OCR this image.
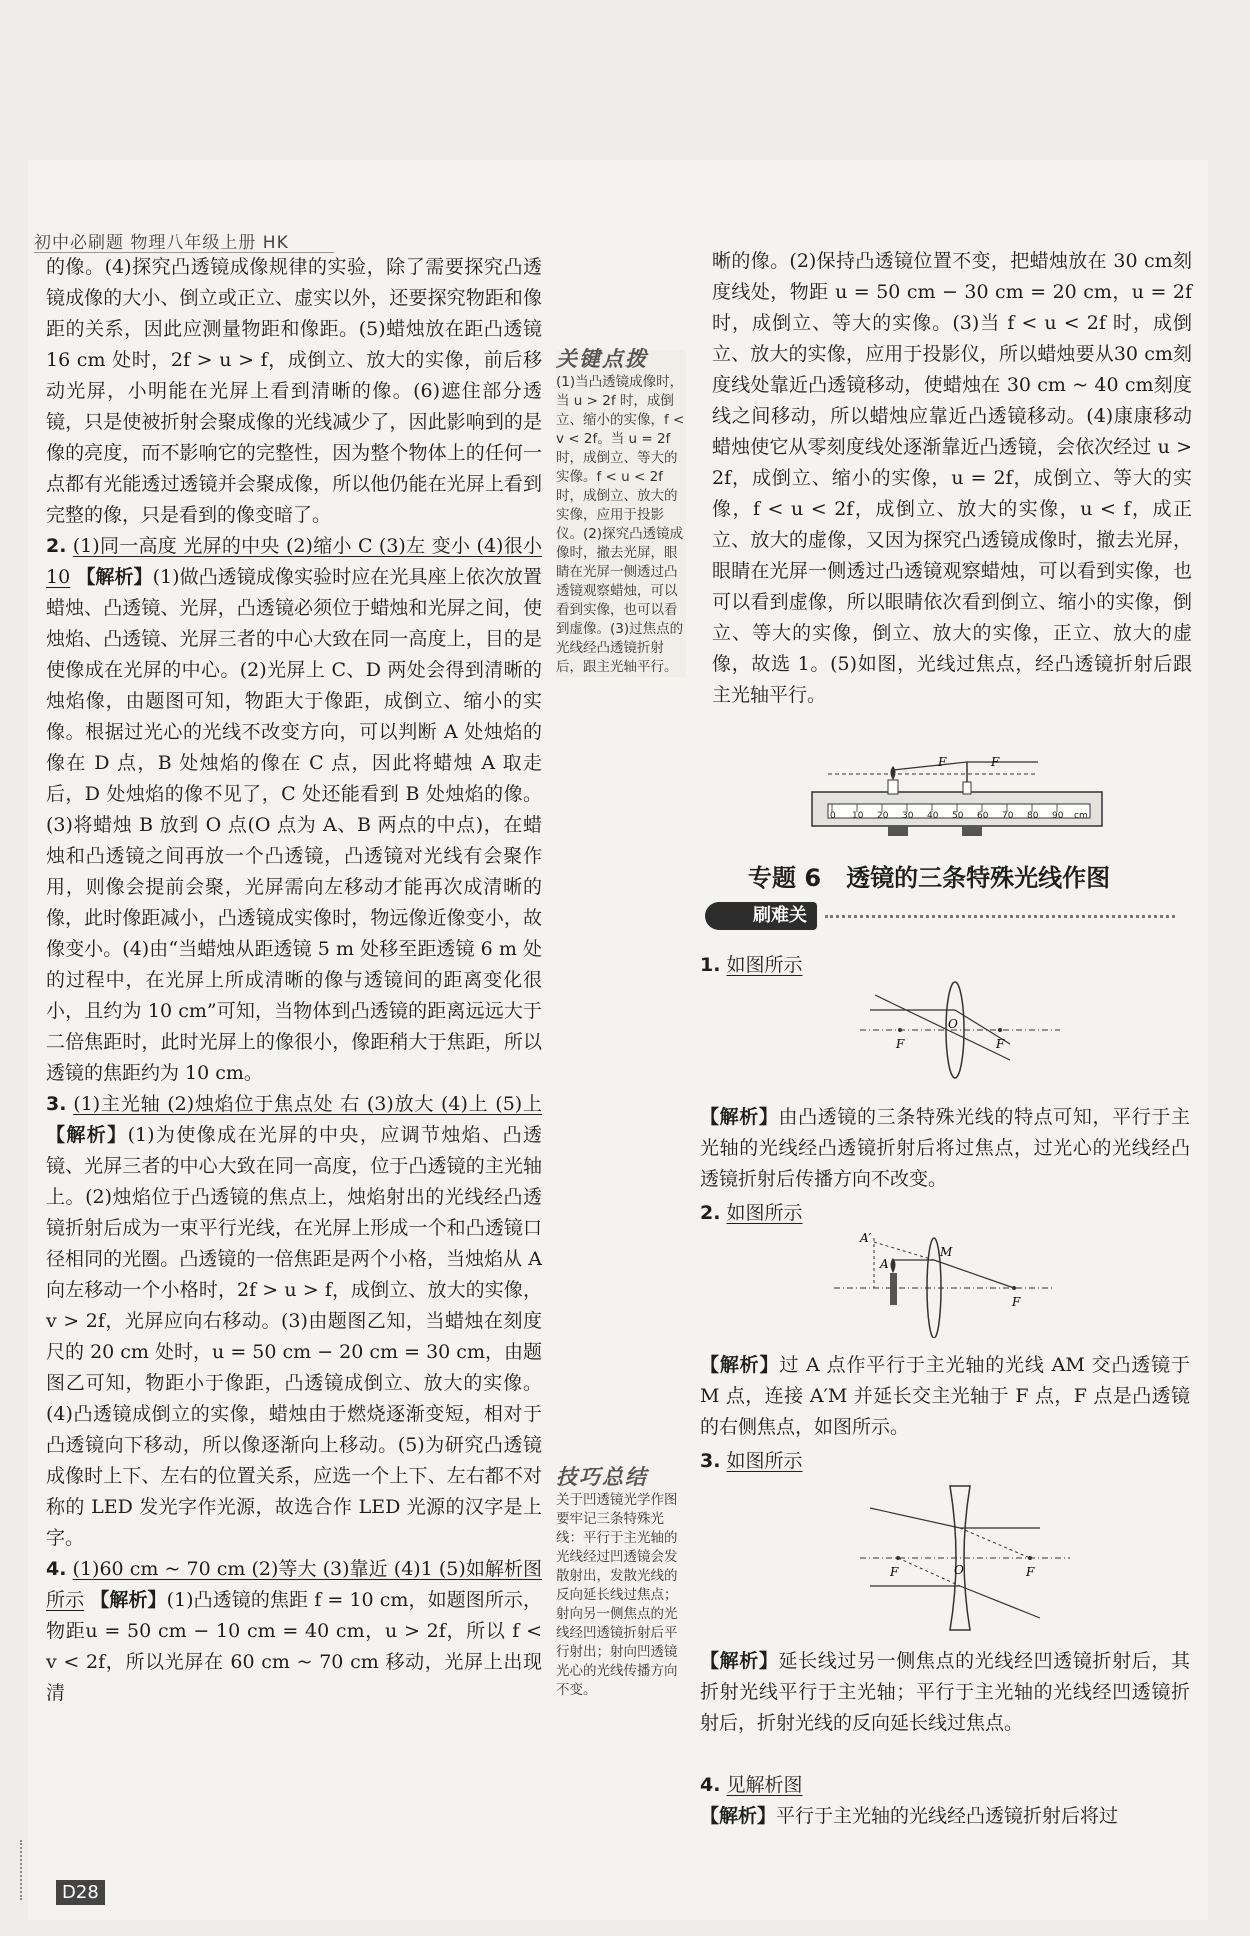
初中必刷题 物理八年级上册 HK

的像。(4)探究凸透镜成像规律的实验，除了需要探究凸透镜成像的大小、倒立或正立、虚实以外，还要探究物距和像距的关系，因此应测量物距和像距。(5)蜡烛放在距凸透镜 16 cm 处时，2f > u > f，成倒立、放大的实像，前后移动光屏，小明能在光屏上看到清晰的像。(6)遮住部分透镜，只是使被折射会聚成像的光线减少了，因此影响到的是像的亮度，而不影响它的完整性，因为整个物体上的任何一点都有光能透过透镜并会聚成像，所以他仍能在光屏上看到完整的像，只是看到的像变暗了。

2. (1)同一高度 光屏的中央 (2)缩小 C (3)左 变小 (4)很小 10 【解析】(1)做凸透镜成像实验时应在光具座上依次放置蜡烛、凸透镜、光屏，凸透镜必须位于蜡烛和光屏之间，使烛焰、凸透镜、光屏三者的中心大致在同一高度上，目的是使像成在光屏的中心。(2)光屏上 C、D 两处会得到清晰的烛焰像，由题图可知，物距大于像距，成倒立、缩小的实像。根据过光心的光线不改变方向，可以判断 A 处烛焰的像在 D 点，B 处烛焰的像在 C 点，因此将蜡烛 A 取走后，D 处烛焰的像不见了，C 处还能看到 B 处烛焰的像。(3)将蜡烛 B 放到 O 点(O 点为 A、B 两点的中点)，在蜡烛和凸透镜之间再放一个凸透镜，凸透镜对光线有会聚作用，则像会提前会聚，光屏需向左移动才能再次成清晰的像，此时像距减小，凸透镜成实像时，物远像近像变小，故像变小。(4)由“当蜡烛从距透镜 5 m 处移至距透镜 6 m 处的过程中，在光屏上所成清晰的像与透镜间的距离变化很小，且约为 10 cm”可知，当物体到凸透镜的距离远远大于二倍焦距时，此时光屏上的像很小，像距稍大于焦距，所以透镜的焦距约为 10 cm。

3. (1)主光轴 (2)烛焰位于焦点处 右 (3)放大 (4)上 (5)上 【解析】(1)为使像成在光屏的中央，应调节烛焰、凸透镜、光屏三者的中心大致在同一高度，位于凸透镜的主光轴上。(2)烛焰位于凸透镜的焦点上，烛焰射出的光线经凸透镜折射后成为一束平行光线，在光屏上形成一个和凸透镜口径相同的光圈。凸透镜的一倍焦距是两个小格，当烛焰从 A 向左移动一个小格时，2f > u > f，成倒立、放大的实像，v > 2f，光屏应向右移动。(3)由题图乙知，当蜡烛在刻度尺的 20 cm 处时，u = 50 cm − 20 cm = 30 cm，由题图乙可知，物距小于像距，凸透镜成倒立、放大的实像。(4)凸透镜成倒立的实像，蜡烛由于燃烧逐渐变短，相对于凸透镜向下移动，所以像逐渐向上移动。(5)为研究凸透镜成像时上下、左右的位置关系，应选一个上下、左右都不对称的 LED 发光字作光源，故选合作 LED 光源的汉字是上字。

4. (1)60 cm ~ 70 cm (2)等大 (3)靠近 (4)1 (5)如解析图所示 【解析】(1)凸透镜的焦距 f = 10 cm，如题图所示，物距u = 50 cm − 10 cm = 40 cm，u > 2f，所以 f < v < 2f，所以光屏在 60 cm ~ 70 cm 移动，光屏上出现清

关键点拨
(1)当凸透镜成像时，当 u > 2f 时，成倒立、缩小的实像，f < v < 2f。当 u = 2f 时，成倒立、等大的实像。f < u < 2f 时，成倒立、放大的实像，应用于投影仪。(2)探究凸透镜成像时，撤去光屏，眼睛在光屏一侧透过凸透镜观察蜡烛，可以看到实像，也可以看到虚像。(3)过焦点的光线经凸透镜折射后，跟主光轴平行。
技巧总结
关于凹透镜光学作图要牢记三条特殊光线：平行于主光轴的光线经过凹透镜会发散射出，发散光线的反向延长线过焦点；射向另一侧焦点的光线经凹透镜折射后平行射出；射向凹透镜光心的光线传播方向不变。

晰的像。(2)保持凸透镜位置不变，把蜡烛放在 30 cm刻度线处，物距 u = 50 cm − 30 cm = 20 cm，u = 2f 时，成倒立、等大的实像。(3)当 f < u < 2f 时，成倒立、放大的实像，应用于投影仪，所以蜡烛要从30 cm刻度线处靠近凸透镜移动，使蜡烛在 30 cm ~ 40 cm刻度线之间移动，所以蜡烛应靠近凸透镜移动。(4)康康移动蜡烛使它从零刻度线处逐渐靠近凸透镜，会依次经过 u > 2f，成倒立、缩小的实像，u = 2f，成倒立、等大的实像，f < u < 2f，成倒立、放大的实像，u < f，成正立、放大的虚像，又因为探究凸透镜成像时，撤去光屏，眼睛在光屏一侧透过凸透镜观察蜡烛，可以看到实像，也可以看到虚像，所以眼睛依次看到倒立、缩小的实像，倒立、等大的实像，倒立、放大的实像，正立、放大的虚像，故选 1。(5)如图，光线过焦点，经凸透镜折射后跟主光轴平行。

0 10 20 30 40 50 60 70 80 90 cm
F	F
专题 6 透镜的三条特殊光线作图
刷难关

1. 如图所示

O
F	F

【解析】由凸透镜的三条特殊光线的特点可知，平行于主光轴的光线经凸透镜折射后将过焦点，过光心的光线经凸透镜折射后传播方向不改变。

2. 如图所示

A′
A
M
F

【解析】过 A 点作平行于主光轴的光线 AM 交凸透镜于 M 点，连接 A′M 并延长交主光轴于 F 点，F 点是凸透镜的右侧焦点，如图所示。

3. 如图所示

O
F	F

【解析】延长线过另一侧焦点的光线经凹透镜折射后，其折射光线平行于主光轴；平行于主光轴的光线经凹透镜折射后，折射光线的反向延长线过焦点。

4. 见解析图

【解析】平行于主光轴的光线经凸透镜折射后将过

D28
